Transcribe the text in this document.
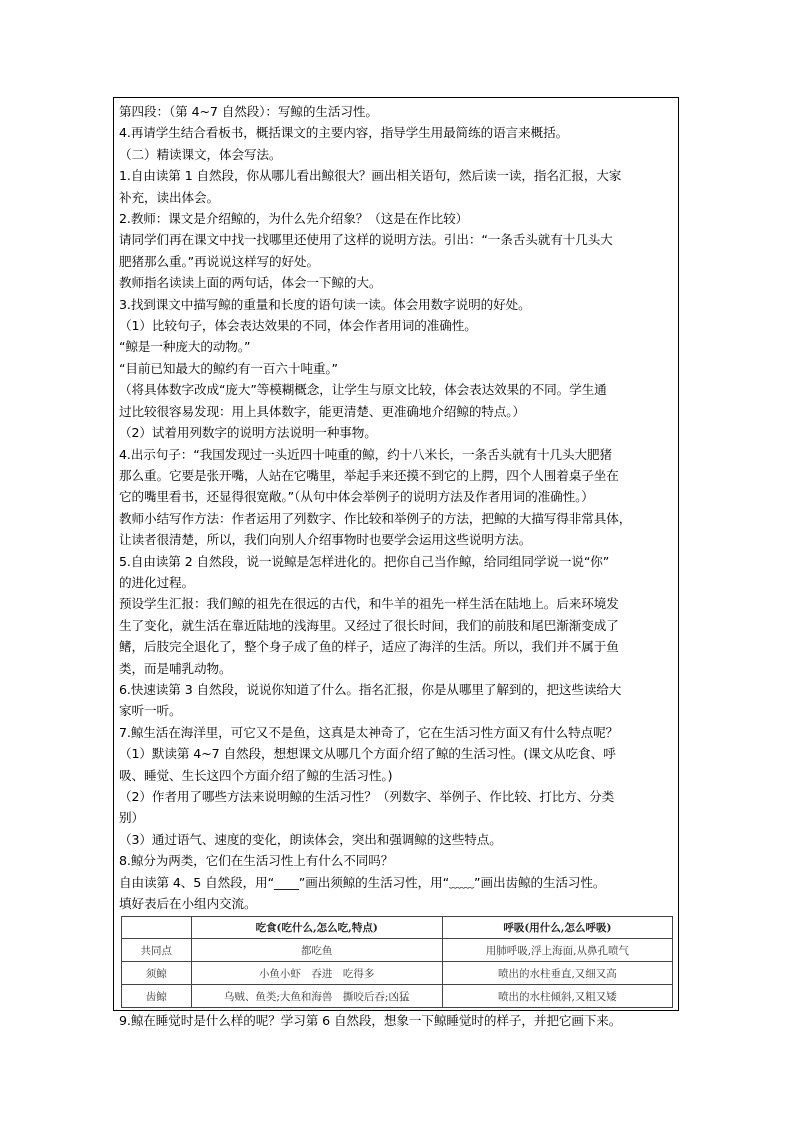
第四段：（第 4~7 自然段）：写鲸的生活习性。
4.再请学生结合看板书，概括课文的主要内容，指导学生用最简练的语言来概括。
（二）精读课文，体会写法。
1.自由读第 1 自然段，你从哪儿看出鲸很大？画出相关语句，然后读一读，指名汇报，大家
补充，读出体会。
2.教师：课文是介绍鲸的，为什么先介绍象？（这是在作比较）
请同学们再在课文中找一找哪里还使用了这样的说明方法。引出：“一条舌头就有十几头大
肥猪那么重。”再说说这样写的好处。
教师指名读读上面的两句话，体会一下鲸的大。
3.找到课文中描写鲸的重量和长度的语句读一读。体会用数字说明的好处。
（1）比较句子，体会表达效果的不同，体会作者用词的准确性。
“鲸是一种庞大的动物。”
“目前已知最大的鲸约有一百六十吨重。”
（将具体数字改成“庞大”等模糊概念，让学生与原文比较，体会表达效果的不同。学生通
过比较很容易发现：用上具体数字，能更清楚、更准确地介绍鲸的特点。）
（2）试着用列数字的说明方法说明一种事物。
4.出示句子：“我国发现过一头近四十吨重的鲸，约十八米长，一条舌头就有十几头大肥猪
那么重。它要是张开嘴，人站在它嘴里，举起手来还摸不到它的上腭，四个人围着桌子坐在
它的嘴里看书，还显得很宽敞。”（从句中体会举例子的说明方法及作者用词的准确性。）
教师小结写作方法：作者运用了列数字、作比较和举例子的方法，把鲸的大描写得非常具体，
让读者很清楚，所以，我们向别人介绍事物时也要学会运用这些说明方法。
5.自由读第 2 自然段，说一说鲸是怎样进化的。把你自己当作鲸，给同组同学说一说“你”
的进化过程。
预设学生汇报：我们鲸的祖先在很远的古代，和牛羊的祖先一样生活在陆地上。后来环境发
生了变化，就生活在靠近陆地的浅海里。又经过了很长时间，我们的前肢和尾巴渐渐变成了
鳍，后肢完全退化了，整个身子成了鱼的样子，适应了海洋的生活。所以，我们并不属于鱼
类，而是哺乳动物。
6.快速读第 3 自然段，说说你知道了什么。指名汇报，你是从哪里了解到的，把这些读给大
家听一听。
7.鲸生活在海洋里，可它又不是鱼，这真是太神奇了，它在生活习性方面又有什么特点呢？
（1）默读第 4~7 自然段，想想课文从哪几个方面介绍了鲸的生活习性。(课文从吃食、呼
吸、睡觉、生长这四个方面介绍了鲸的生活习性。)
（2）作者用了哪些方法来说明鲸的生活习性？（列数字、举例子、作比较、打比方、分类
别）
（3）通过语气、速度的变化，朗读体会，突出和强调鲸的这些特点。
8.鲸分为两类，它们在生活习性上有什么不同吗？
自由读第 4、5 自然段，用“____”画出须鲸的生活习性，用“﹏﹏”画出齿鲸的生活习性。
填好表后在小组内交流。
	吃食(吃什么,怎么吃,特点)	呼吸(用什么,怎么呼吸)
共同点	都吃鱼	用肺呼吸,浮上海面,从鼻孔喷气
须鲸	小鱼小虾　吞进　吃得多	喷出的水柱垂直,又细又高
齿鲸	乌贼、鱼类;大鱼和海兽　撕咬后吞;凶猛	喷出的水柱倾斜,又粗又矮
9.鲸在睡觉时是什么样的呢？学习第 6 自然段，想象一下鲸睡觉时的样子，并把它画下来。
